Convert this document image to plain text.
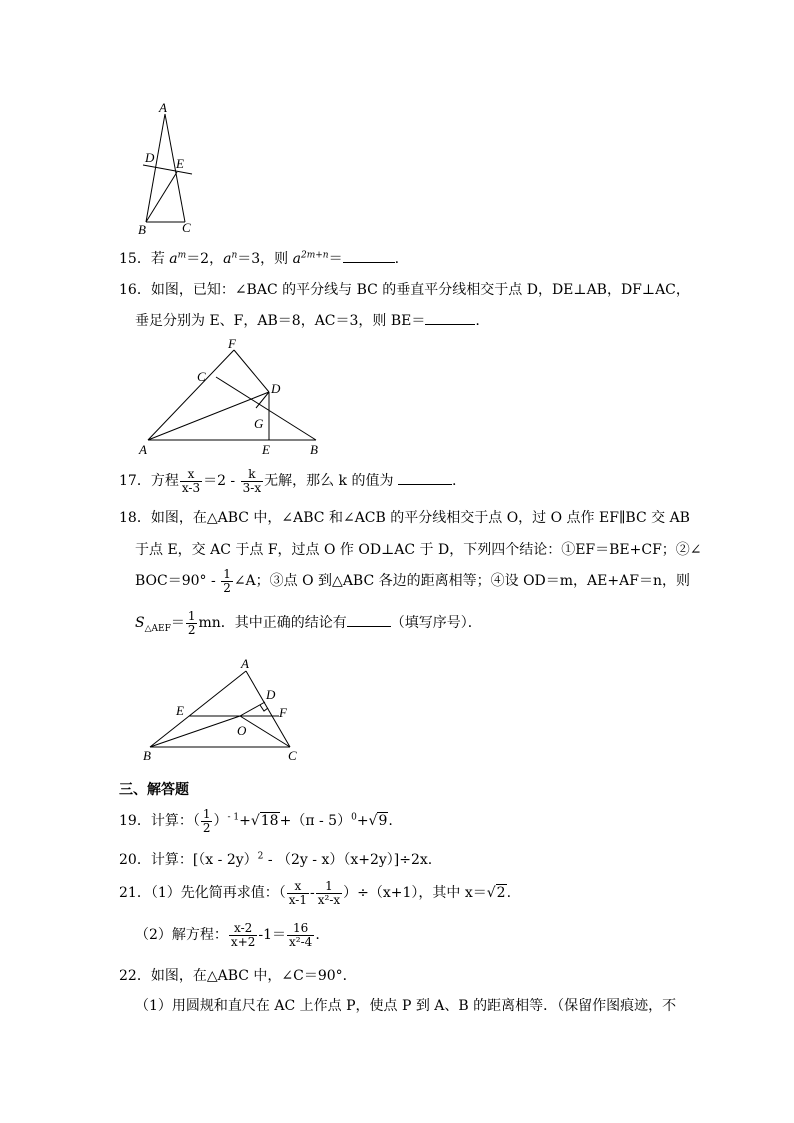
A
D E
B	C
15．若 $a^m=2$，$a^n=3$，则 $a^{2m+n}=$	.
16．如图，已知：∠BAC 的平分线与 BC 的垂直平分线相交于点 D，DE⊥AB，DF⊥AC，
垂足分别为 E、F，AB＝8，AC＝3，则 BE＝	.
F
C
D
G
A	E	B
17．方程 $\frac{x}{x-3} =2 - \frac{k}{3-x}$ 无解，那么 k 的值为	.
18．如图，在△ABC 中，∠ABC 和∠ACB 的平分线相交于点 O，过 O 点作 EF∥BC 交 AB
于点 E，交 AC 于点 F，过点 O 作 OD⊥AC 于 D，下列四个结论：①EF＝BE+CF；②∠
$BOC=90^\circ - \frac{1}{2}$ ∠A；③点 O 到△ABC 各边的距离相等；④设 OD＝m，AE+AF＝n，则
$S_{\triangle AEF}= \frac{1}{2}$ mn．其中正确的结论有	（填写序号）．
A
D
E	F
O
B	C
三、解答题
19．计算：（ $\frac{1}{2} )^{- 1}+√18+(\pi - 5)^0+√9$.
20．计算：[（x - 2y）$^2$ - （2y - x）（x+2y）]÷2x.
21．（1）先化简再求值：（ $\frac{x}{x-1} - \frac{1}{\text{x²-x}} )\div(x+1)$，其中 x＝√2.
（2）解方程： $\frac{x-2}{x+2} -1= \frac{16}{\text{x²-4}}$ .
22．如图，在△ABC 中，∠C＝90°．
（1）用圆规和直尺在 AC 上作点 P，使点 P 到 A、B 的距离相等．（保留作图痕迹，不
